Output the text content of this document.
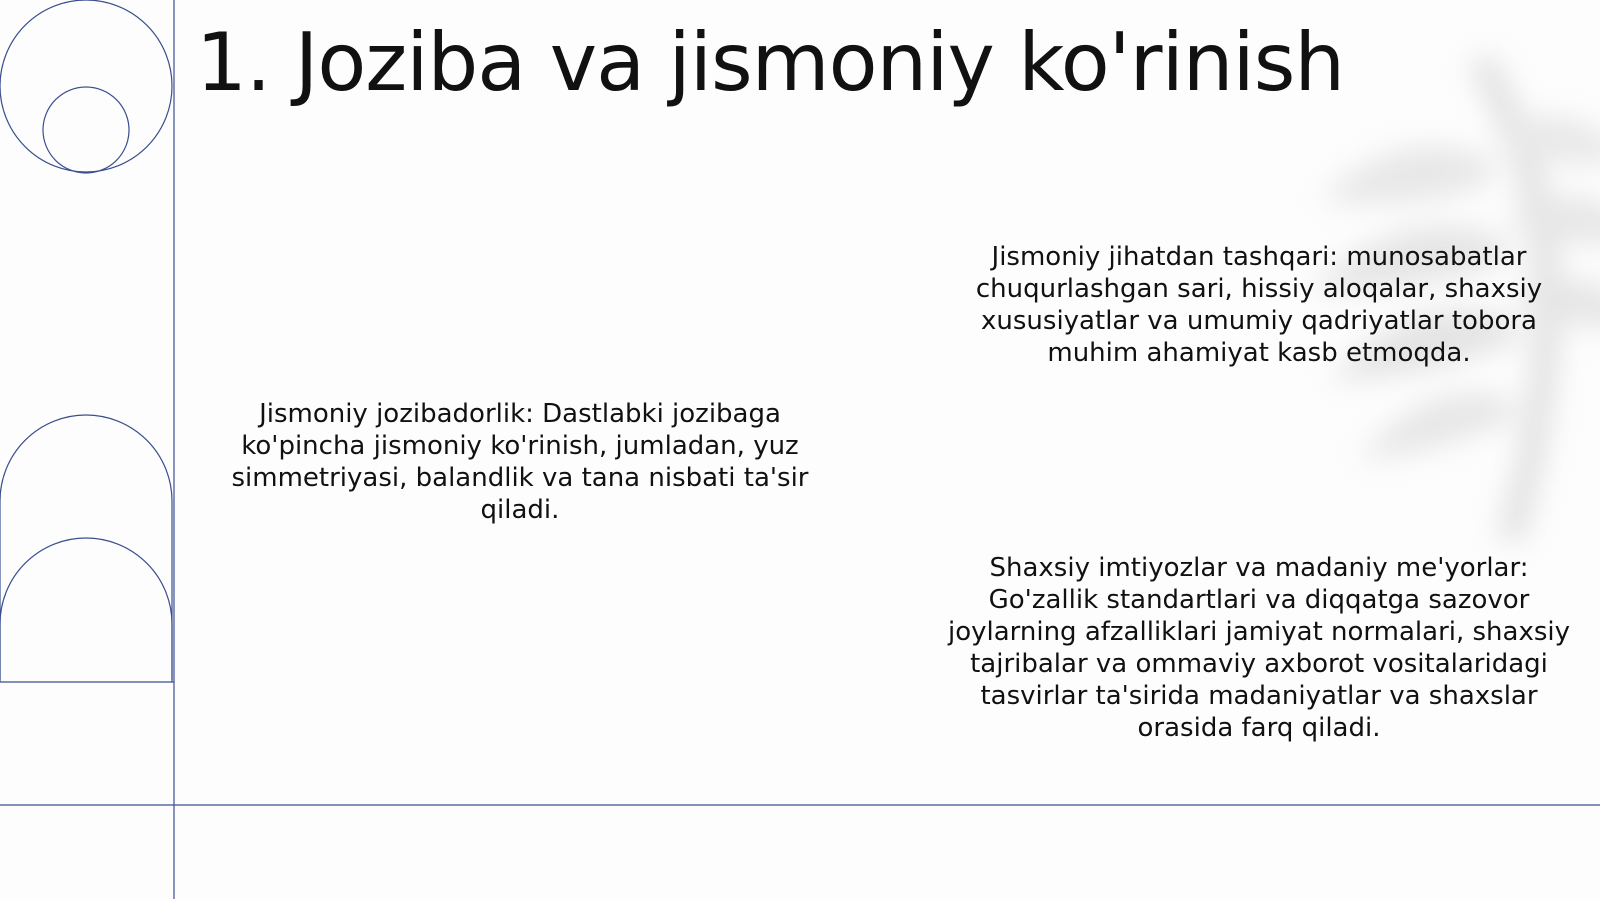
1. Joziba va jismoniy ko'rinish

Jismoniy jozibadorlik: Dastlabki jozibaga ko'pincha jismoniy ko'rinish, jumladan, yuz simmetriyasi, balandlik va tana nisbati ta'sir qiladi.

Jismoniy jihatdan tashqari: munosabatlar chuqurlashgan sari, hissiy aloqalar, shaxsiy xususiyatlar va umumiy qadriyatlar tobora muhim ahamiyat kasb etmoqda.

Shaxsiy imtiyozlar va madaniy me'yorlar: Go'zallik standartlari va diqqatga sazovor joylarning afzalliklari jamiyat normalari, shaxsiy tajribalar va ommaviy axborot vositalaridagi tasvirlar ta'sirida madaniyatlar va shaxslar orasida farq qiladi.
